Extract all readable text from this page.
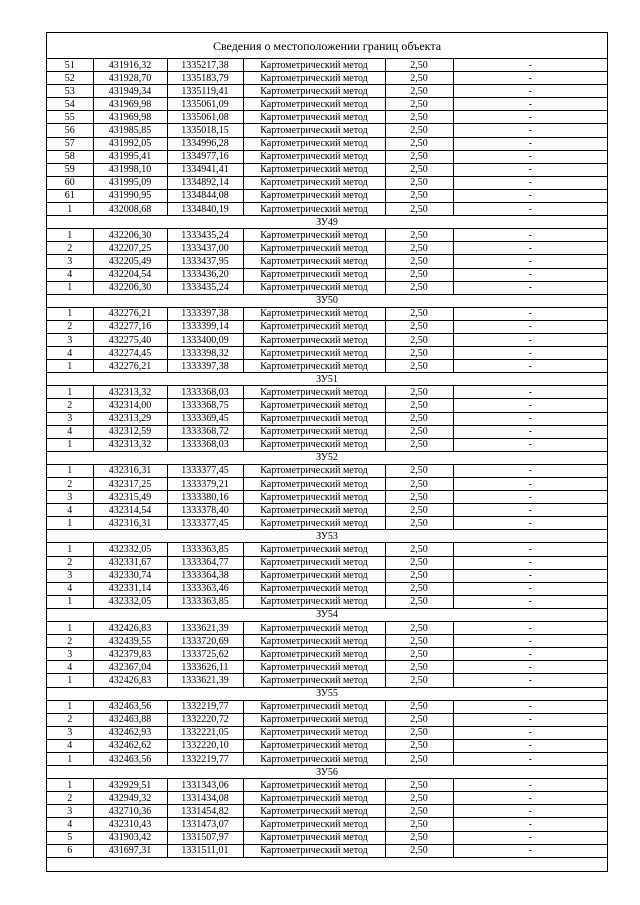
Сведения о местоположении границ объекта
51	431916,32	1335217,38	Картометрический метод	2,50	-
52	431928,70	1335183,79	Картометрический метод	2,50	-
53	431949,34	1335119,41	Картометрический метод	2,50	-
54	431969,98	1335061,09	Картометрический метод	2,50	-
55	431969,98	1335061,08	Картометрический метод	2,50	-
56	431985,85	1335018,15	Картометрический метод	2,50	-
57	431992,05	1334996,28	Картометрический метод	2,50	-
58	431995,41	1334977,16	Картометрический метод	2,50	-
59	431998,10	1334941,41	Картометрический метод	2,50	-
60	431995,09	1334892,14	Картометрический метод	2,50	-
61	431990,95	1334844,08	Картометрический метод	2,50	-
1	432008,68	1334840,19	Картометрический метод	2,50	-
ЗУ49					
1	432206,30	1333435,24	Картометрический метод	2,50	-
2	432207,25	1333437,00	Картометрический метод	2,50	-
3	432205,49	1333437,95	Картометрический метод	2,50	-
4	432204,54	1333436,20	Картометрический метод	2,50	-
1	432206,30	1333435,24	Картометрический метод	2,50	-
ЗУ50					
1	432276,21	1333397,38	Картометрический метод	2,50	-
2	432277,16	1333399,14	Картометрический метод	2,50	-
3	432275,40	1333400,09	Картометрический метод	2,50	-
4	432274,45	1333398,32	Картометрический метод	2,50	-
1	432276,21	1333397,38	Картометрический метод	2,50	-
ЗУ51					
1	432313,32	1333368,03	Картометрический метод	2,50	-
2	432314,00	1333368,75	Картометрический метод	2,50	-
3	432313,29	1333369,45	Картометрический метод	2,50	-
4	432312,59	1333368,72	Картометрический метод	2,50	-
1	432313,32	1333368,03	Картометрический метод	2,50	-
ЗУ52					
1	432316,31	1333377,45	Картометрический метод	2,50	-
2	432317,25	1333379,21	Картометрический метод	2,50	-
3	432315,49	1333380,16	Картометрический метод	2,50	-
4	432314,54	1333378,40	Картометрический метод	2,50	-
1	432316,31	1333377,45	Картометрический метод	2,50	-
ЗУ53					
1	432332,05	1333363,85	Картометрический метод	2,50	-
2	432331,67	1333364,77	Картометрический метод	2,50	-
3	432330,74	1333364,38	Картометрический метод	2,50	-
4	432331,14	1333363,46	Картометрический метод	2,50	-
1	432332,05	1333363,85	Картометрический метод	2,50	-
ЗУ54					
1	432426,83	1333621,39	Картометрический метод	2,50	-
2	432439,55	1333720,69	Картометрический метод	2,50	-
3	432379,83	1333725,62	Картометрический метод	2,50	-
4	432367,04	1333626,11	Картометрический метод	2,50	-
1	432426,83	1333621,39	Картометрический метод	2,50	-
ЗУ55					
1	432463,56	1332219,77	Картометрический метод	2,50	-
2	432463,88	1332220,72	Картометрический метод	2,50	-
3	432462,93	1332221,05	Картометрический метод	2,50	-
4	432462,62	1332220,10	Картометрический метод	2,50	-
1	432463,56	1332219,77	Картометрический метод	2,50	-
ЗУ56					
1	432929,51	1331343,06	Картометрический метод	2,50	-
2	432949,32	1331434,08	Картометрический метод	2,50	-
3	432710,36	1331454,82	Картометрический метод	2,50	-
4	432310,43	1331473,07	Картометрический метод	2,50	-
5	431903,42	1331507,97	Картометрический метод	2,50	-
6	431697,31	1331511,01	Картометрический метод	2,50	-
